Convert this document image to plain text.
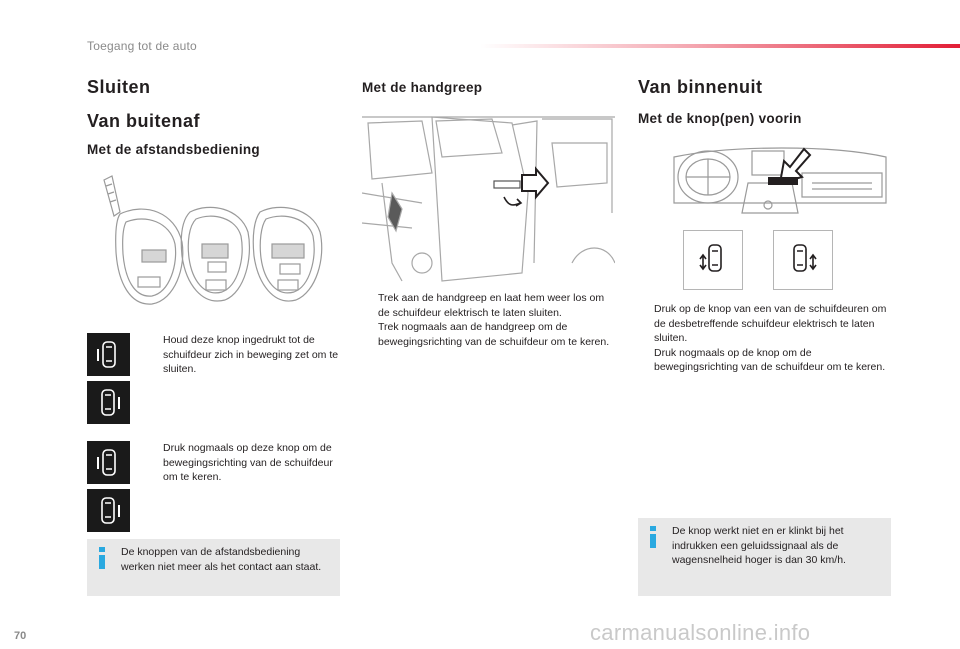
Toegang tot de auto
Sluiten
Van buitenaf
Met de afstandsbediening
Houd deze knop ingedrukt tot de schuifdeur zich in beweging zet om te sluiten.
Druk nogmaals op deze knop om de bewegingsrichting van de schuifdeur om te keren.
De knoppen van de afstandsbediening werken niet meer als het contact aan staat.
Met de handgreep
Trek aan de handgreep en laat hem weer los om de schuifdeur elektrisch te laten sluiten.
Trek nogmaals aan de handgreep om de bewegingsrichting van de schuifdeur om te keren.
Van binnenuit
Met de knop(pen) voorin
Druk op de knop van een van de schuifdeuren om de desbetreffende schuifdeur elektrisch te laten sluiten.
Druk nogmaals op de knop om de bewegingsrichting van de schuifdeur om te keren.
De knop werkt niet en er klinkt bij het indrukken een geluidssignaal als de wagensnelheid hoger is dan 30 km/h.
70	carmanualsonline.info
